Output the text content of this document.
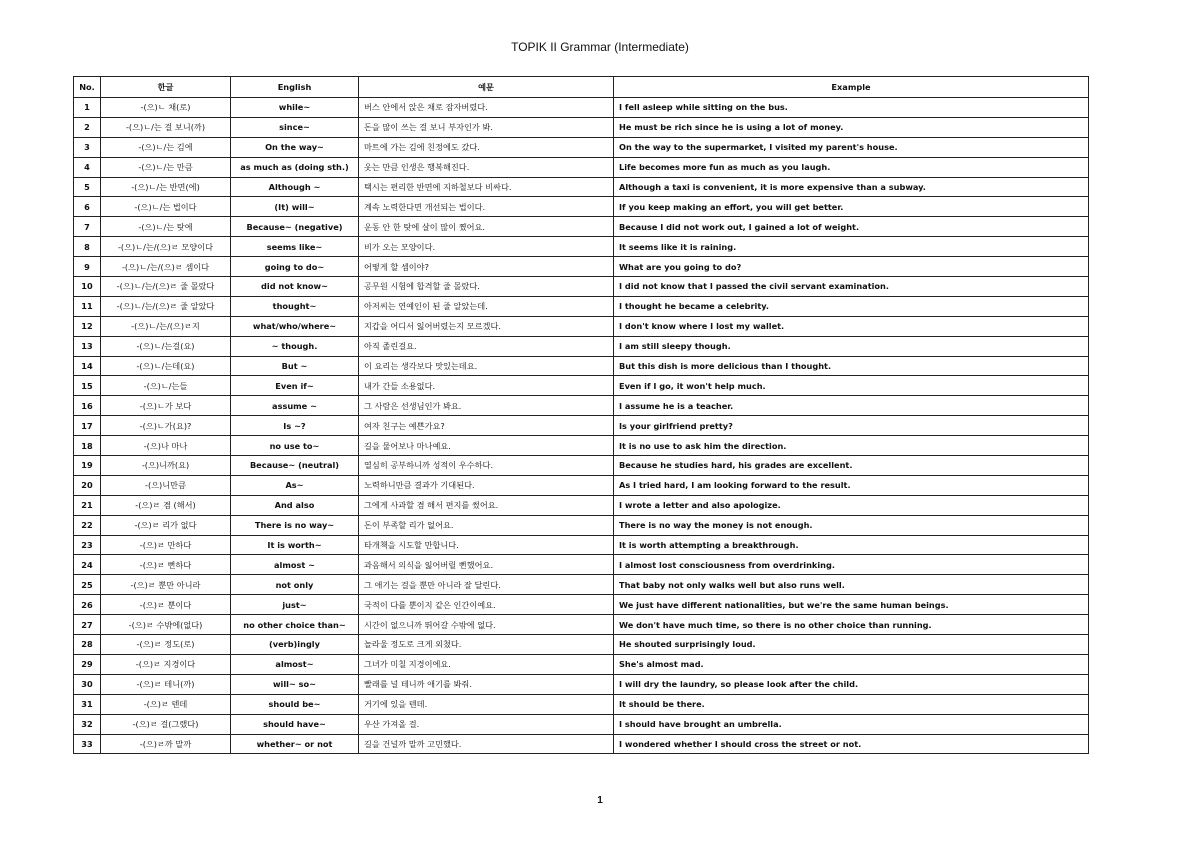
TOPIK II Grammar (Intermediate)
No.	한글	English	예문	Example
1	-(으)ㄴ 채(로)	while~	버스 안에서 앉은 채로 잠자버렸다.	I fell asleep while sitting on the bus.
2	-(으)ㄴ/는 걸 보니(까)	since~	돈을 많이 쓰는 걸 보니 부자인가 봐.	He must be rich since he is using a lot of money.
3	-(으)ㄴ/는 김에	On the way~	마트에 가는 김에 친정에도 갔다.	On the way to the supermarket, I visited my parent's house.
4	-(으)ㄴ/는 만큼	as much as (doing sth.)	웃는 만큼 인생은 행복해진다.	Life becomes more fun as much as you laugh.
5	-(으)ㄴ/는 반면(에)	Although ~	택시는 편리한 반면에 지하철보다 비싸다.	Although a taxi is convenient, it is more expensive than a subway.
6	-(으)ㄴ/는 법이다	(It) will~	계속 노력한다면 개선되는 법이다.	If you keep making an effort, you will get better.
7	-(으)ㄴ/는 탓에	Because~ (negative)	운동 안 한 탓에 살이 많이 쪘어요.	Because I did not work out, I gained a lot of weight.
8	-(으)ㄴ/는/(으)ㄹ 모양이다	seems like~	비가 오는 모양이다.	It seems like it is raining.
9	-(으)ㄴ/는/(으)ㄹ 셈이다	going to do~	어떻게 할 셈이야?	What are you going to do?
10	-(으)ㄴ/는/(으)ㄹ 줄 몰랐다	did not know~	공무원 시험에 합격할 줄 몰랐다.	I did not know that I passed the civil servant examination.
11	-(으)ㄴ/는/(으)ㄹ 줄 알았다	thought~	아저씨는 연예인이 된 줄 알았는데.	I thought he became a celebrity.
12	-(으)ㄴ/는/(으)ㄹ지	what/who/where~	지갑을 어디서 잃어버렸는지 모르겠다.	I don't know where I lost my wallet.
13	-(으)ㄴ/는걸(요)	~ though.	아직 졸린걸요.	I am still sleepy though.
14	-(으)ㄴ/는데(요)	But ~	이 요리는 생각보다 맛있는데요.	But this dish is more delicious than I thought.
15	-(으)ㄴ/는들	Even if~	내가 간들 소용없다.	Even if I go, it won't help much.
16	-(으)ㄴ가 보다	assume ~	그 사람은 선생님인가 봐요.	I assume he is a teacher.
17	-(으)ㄴ가(요)?	Is ~?	여자 친구는 예쁜가요?	Is your girlfriend pretty?
18	-(으)나 마나	no use to~	길을 물어보나 마나예요.	It is no use to ask him the direction.
19	-(으)니까(요)	Because~ (neutral)	열심히 공부하니까 성적이 우수하다.	Because he studies hard, his grades are excellent.
20	-(으)니만큼	As~	노력하니만큼 결과가 기대된다.	As I tried hard, I am looking forward to the result.
21	-(으)ㄹ 겸 (해서)	And also	그에게 사과할 겸 해서 편지를 썼어요.	I wrote a letter and also apologize.
22	-(으)ㄹ 리가 없다	There is no way~	돈이 부족할 리가 없어요.	There is no way the money is not enough.
23	-(으)ㄹ 만하다	It is worth~	타개책을 시도할 만합니다.	It is worth attempting a breakthrough.
24	-(으)ㄹ 뻔하다	almost ~	과음해서 의식을 잃어버릴 뻔했어요.	I almost lost consciousness from overdrinking.
25	-(으)ㄹ 뿐만 아니라	not only	그 애기는 걸을 뿐만 아니라 잘 달린다.	That baby not only walks well but also runs well.
26	-(으)ㄹ 뿐이다	just~	국적이 다를 뿐이지 같은 인간이예요.	We just have different nationalities, but we're the same human beings.
27	-(으)ㄹ 수밖에(없다)	no other choice than~	시간이 없으니까 뛰어갈 수밖에 없다.	We don't have much time, so there is no other choice than running.
28	-(으)ㄹ 정도(로)	(verb)ingly	놀라울 정도로 크게 외쳤다.	He shouted surprisingly loud.
29	-(으)ㄹ 지경이다	almost~	그녀가 미칠 지경이에요.	She's almost mad.
30	-(으)ㄹ 테니(까)	will~ so~	빨래를 널 테니까 애기를 봐줘.	I will dry the laundry, so please look after the child.
31	-(으)ㄹ 텐데	should be~	거기에 있을 텐데.	It should be there.
32	-(으)ㄹ 걸(그랬다)	should have~	우산 가져올 걸.	I should have brought an umbrella.
33	-(으)ㄹ까 말까	whether~ or not	길을 건널까 말까 고민했다.	I wondered whether I should cross the street or not.
1
